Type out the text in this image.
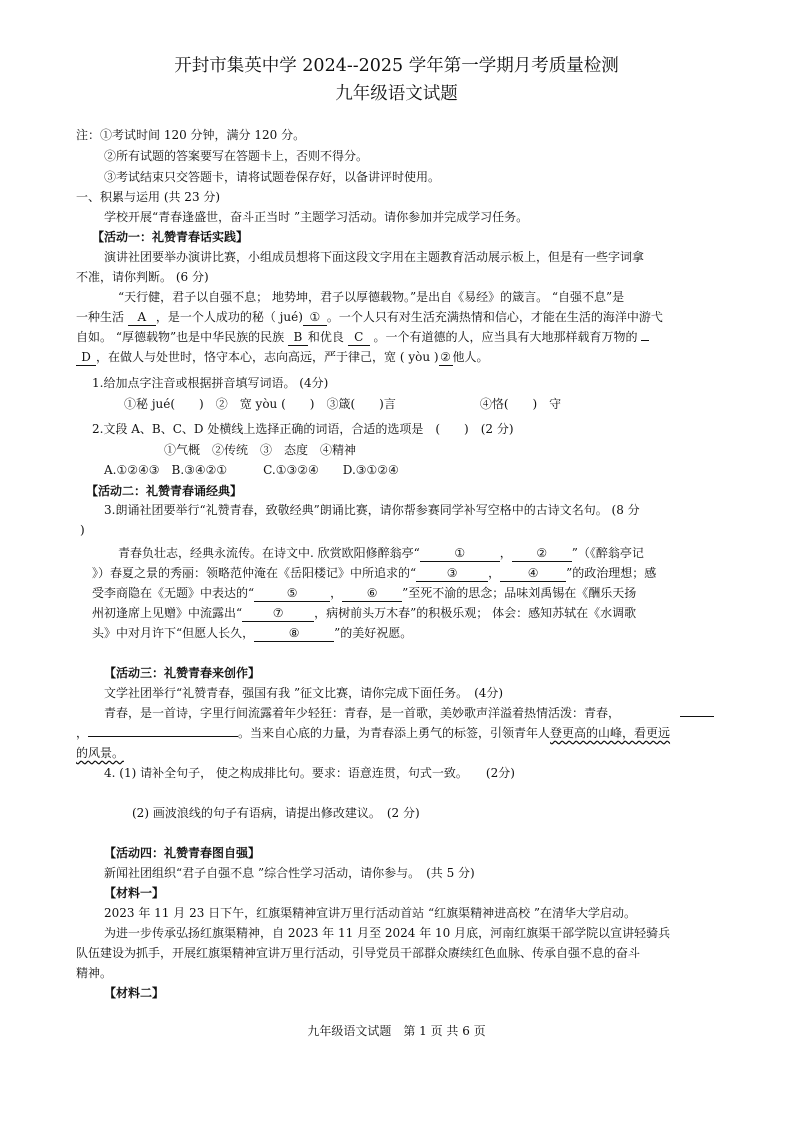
开封市集英中学 2024--2025 学年第一学期月考质量检测
九年级语文试题
注：①考试时间 120 分钟，满分 120 分。
②所有试题的答案要写在答题卡上，否则不得分。
③考试结束只交答题卡，请将试题卷保存好，以备讲评时使用。
一、积累与运用 (共 23 分)
学校开展“青春逢盛世，奋斗正当时 ”主题学习活动。请你参加并完成学习任务。
【活动一：礼赞青春话实践】
演讲社团要举办演讲比赛，小组成员想将下面这段文字用在主题教育活动展示板上，但是有一些字词拿
不准，请你判断。 (6 分)
“天行健，君子以自强不息； 地势坤，君子以厚德载物。”是出自《易经》的箴言。 “自强不息”是
一种生活 A ，是一个人成功的秘（ jué) ① 。一个人只有对生活充满热情和信心，才能在生活的海洋中游弋
自如。 “厚德载物”也是中华民族的民族 B 和优良 C 。一个有道德的人，应当具有大地那样载育万物的
D ，在做人与处世时，恪守本心，志向高远，严于律己，宽 ( yòu ) ② 他人。
1.给加点字注音或根据拼音填写词语。 (4分)
①秘 jué(　　)　②　宽 yòu (　　)　③箴(　　)言　　　　　　　④恪(　　)　守
2.文段 A、B、C、D 处横线上选择正确的词语，合适的选项是　(　　)　(2 分)
①气概　②传统　③　态度　④精神
A.①②④③　B.③④②①　　　C.①③②④　　D.③①②④
【活动二：礼赞青春诵经典】
3.朗诵社团要举行“礼赞青春，致敬经典”朗诵比赛，请你帮参赛同学补写空格中的古诗文名句。 (8 分
)
青春负壮志，经典永流传。在诗文中. 欣赏欧阳修醉翁亭“	①	， ② ”（《醉翁亭记
》）春夏之景的秀丽：领略范仲淹在《岳阳楼记》中所追求的“	③	， ④ ”的政治理想；感
受李商隐在《无题》中表达的“	⑤	， ⑥ ”至死不渝的思念；品味刘禹锡在《酬乐天扬
州初逢席上见赠》中流露出“	⑦	，病树前头万木春”的积极乐观； 体会：感知苏轼在《水调歌
头》中对月许下“但愿人长久，	⑧	”的美好祝愿。
【活动三：礼赞青春来创作】
文学社团举行“礼赞青春，强国有我 ”征文比赛，请你完成下面任务。　(4分)
青春，是一首诗，字里行间流露着年少轻狂：青春，是一首歌，美妙歌声洋溢着热情活泼：青春，
，	。当来自心底的力量，为青春添上勇气的标签，引领青年人登更高的山峰，看更远
的风景。
4. (1) 请补全句子， 使之构成排比句。要求：语意连贯，句式一致。　　(2分)
(2) 画波浪线的句子有语病，请提出修改建议。　(2 分)
【活动四：礼赞青春图自强】
新闻社团组织“君子自强不息 ”综合性学习活动，请你参与。　(共 5 分)
【材料一】
2023 年 11 月 23 日下午，红旗渠精神宣讲万里行活动首站 “红旗渠精神进高校 ”在清华大学启动。
为进一步传承弘扬红旗渠精神，自 2023 年 11 月至 2024 年 10 月底，河南红旗渠干部学院以宣讲轻骑兵
队伍建设为抓手，开展红旗渠精神宣讲万里行活动，引导党员干部群众赓续红色血脉、传承自强不息的奋斗
精神。
【材料二】
九年级语文试题　第 1 页 共 6 页
